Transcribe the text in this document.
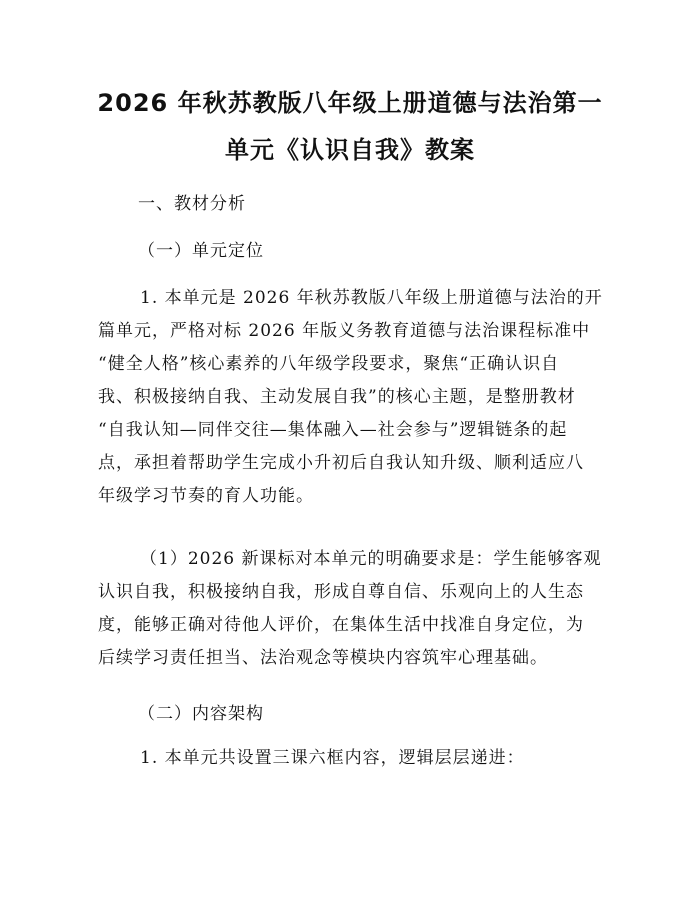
2026 年秋苏教版八年级上册道德与法治第一
单元《认识自我》教案
一、教材分析
（一）单元定位
1. 本单元是 2026 年秋苏教版八年级上册道德与法治的开
篇单元，严格对标 2026 年版义务教育道德与法治课程标准中
“健全人格”核心素养的八年级学段要求，聚焦“正确认识自
我、积极接纳自我、主动发展自我”的核心主题，是整册教材
“自我认知—同伴交往—集体融入—社会参与”逻辑链条的起
点，承担着帮助学生完成小升初后自我认知升级、顺利适应八
年级学习节奏的育人功能。
（1）2026 新课标对本单元的明确要求是：学生能够客观
认识自我，积极接纳自我，形成自尊自信、乐观向上的人生态
度，能够正确对待他人评价，在集体生活中找准自身定位，为
后续学习责任担当、法治观念等模块内容筑牢心理基础。
（二）内容架构
1. 本单元共设置三课六框内容，逻辑层层递进：
